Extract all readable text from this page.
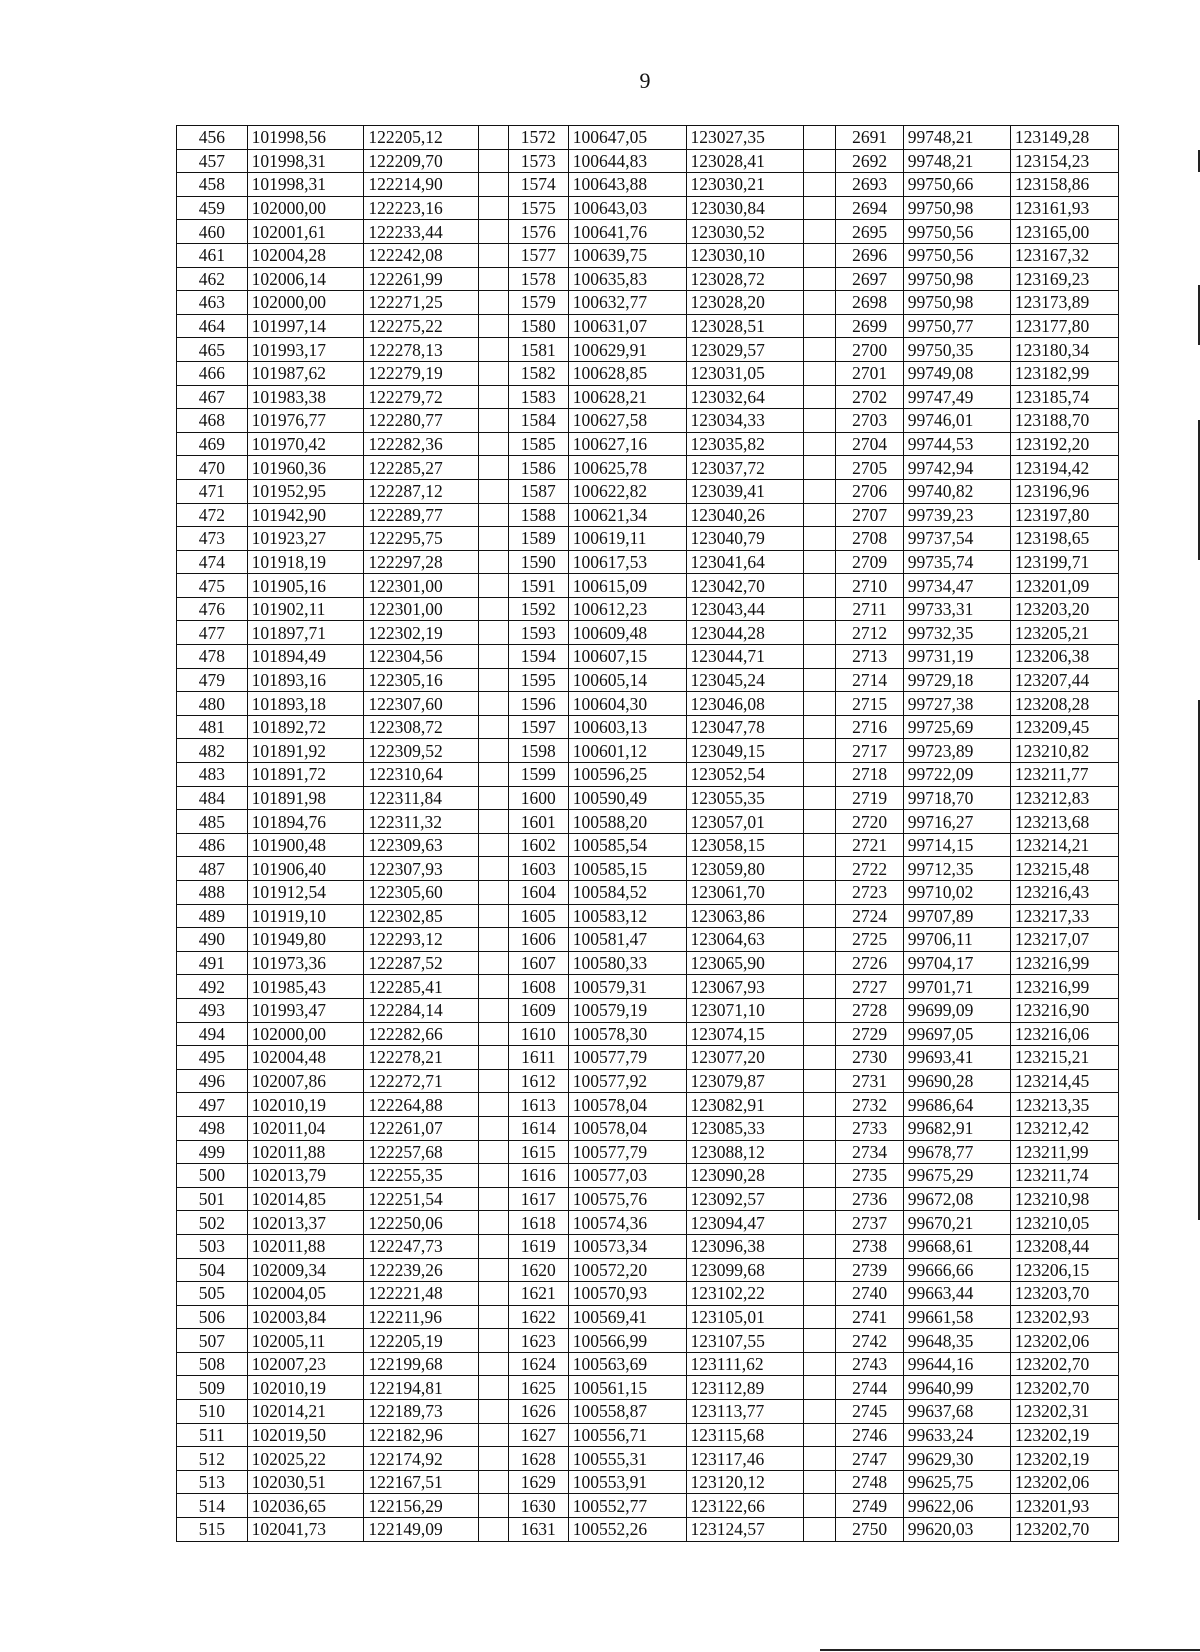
9
456	101998,56	122205,12		1572	100647,05	123027,35		2691	99748,21	123149,28
457	101998,31	122209,70		1573	100644,83	123028,41		2692	99748,21	123154,23
458	101998,31	122214,90		1574	100643,88	123030,21		2693	99750,66	123158,86
459	102000,00	122223,16		1575	100643,03	123030,84		2694	99750,98	123161,93
460	102001,61	122233,44		1576	100641,76	123030,52		2695	99750,56	123165,00
461	102004,28	122242,08		1577	100639,75	123030,10		2696	99750,56	123167,32
462	102006,14	122261,99		1578	100635,83	123028,72		2697	99750,98	123169,23
463	102000,00	122271,25		1579	100632,77	123028,20		2698	99750,98	123173,89
464	101997,14	122275,22		1580	100631,07	123028,51		2699	99750,77	123177,80
465	101993,17	122278,13		1581	100629,91	123029,57		2700	99750,35	123180,34
466	101987,62	122279,19		1582	100628,85	123031,05		2701	99749,08	123182,99
467	101983,38	122279,72		1583	100628,21	123032,64		2702	99747,49	123185,74
468	101976,77	122280,77		1584	100627,58	123034,33		2703	99746,01	123188,70
469	101970,42	122282,36		1585	100627,16	123035,82		2704	99744,53	123192,20
470	101960,36	122285,27		1586	100625,78	123037,72		2705	99742,94	123194,42
471	101952,95	122287,12		1587	100622,82	123039,41		2706	99740,82	123196,96
472	101942,90	122289,77		1588	100621,34	123040,26		2707	99739,23	123197,80
473	101923,27	122295,75		1589	100619,11	123040,79		2708	99737,54	123198,65
474	101918,19	122297,28		1590	100617,53	123041,64		2709	99735,74	123199,71
475	101905,16	122301,00		1591	100615,09	123042,70		2710	99734,47	123201,09
476	101902,11	122301,00		1592	100612,23	123043,44		2711	99733,31	123203,20
477	101897,71	122302,19		1593	100609,48	123044,28		2712	99732,35	123205,21
478	101894,49	122304,56		1594	100607,15	123044,71		2713	99731,19	123206,38
479	101893,16	122305,16		1595	100605,14	123045,24		2714	99729,18	123207,44
480	101893,18	122307,60		1596	100604,30	123046,08		2715	99727,38	123208,28
481	101892,72	122308,72		1597	100603,13	123047,78		2716	99725,69	123209,45
482	101891,92	122309,52		1598	100601,12	123049,15		2717	99723,89	123210,82
483	101891,72	122310,64		1599	100596,25	123052,54		2718	99722,09	123211,77
484	101891,98	122311,84		1600	100590,49	123055,35		2719	99718,70	123212,83
485	101894,76	122311,32		1601	100588,20	123057,01		2720	99716,27	123213,68
486	101900,48	122309,63		1602	100585,54	123058,15		2721	99714,15	123214,21
487	101906,40	122307,93		1603	100585,15	123059,80		2722	99712,35	123215,48
488	101912,54	122305,60		1604	100584,52	123061,70		2723	99710,02	123216,43
489	101919,10	122302,85		1605	100583,12	123063,86		2724	99707,89	123217,33
490	101949,80	122293,12		1606	100581,47	123064,63		2725	99706,11	123217,07
491	101973,36	122287,52		1607	100580,33	123065,90		2726	99704,17	123216,99
492	101985,43	122285,41		1608	100579,31	123067,93		2727	99701,71	123216,99
493	101993,47	122284,14		1609	100579,19	123071,10		2728	99699,09	123216,90
494	102000,00	122282,66		1610	100578,30	123074,15		2729	99697,05	123216,06
495	102004,48	122278,21		1611	100577,79	123077,20		2730	99693,41	123215,21
496	102007,86	122272,71		1612	100577,92	123079,87		2731	99690,28	123214,45
497	102010,19	122264,88		1613	100578,04	123082,91		2732	99686,64	123213,35
498	102011,04	122261,07		1614	100578,04	123085,33		2733	99682,91	123212,42
499	102011,88	122257,68		1615	100577,79	123088,12		2734	99678,77	123211,99
500	102013,79	122255,35		1616	100577,03	123090,28		2735	99675,29	123211,74
501	102014,85	122251,54		1617	100575,76	123092,57		2736	99672,08	123210,98
502	102013,37	122250,06		1618	100574,36	123094,47		2737	99670,21	123210,05
503	102011,88	122247,73		1619	100573,34	123096,38		2738	99668,61	123208,44
504	102009,34	122239,26		1620	100572,20	123099,68		2739	99666,66	123206,15
505	102004,05	122221,48		1621	100570,93	123102,22		2740	99663,44	123203,70
506	102003,84	122211,96		1622	100569,41	123105,01		2741	99661,58	123202,93
507	102005,11	122205,19		1623	100566,99	123107,55		2742	99648,35	123202,06
508	102007,23	122199,68		1624	100563,69	123111,62		2743	99644,16	123202,70
509	102010,19	122194,81		1625	100561,15	123112,89		2744	99640,99	123202,70
510	102014,21	122189,73		1626	100558,87	123113,77		2745	99637,68	123202,31
511	102019,50	122182,96		1627	100556,71	123115,68		2746	99633,24	123202,19
512	102025,22	122174,92		1628	100555,31	123117,46		2747	99629,30	123202,19
513	102030,51	122167,51		1629	100553,91	123120,12		2748	99625,75	123202,06
514	102036,65	122156,29		1630	100552,77	123122,66		2749	99622,06	123201,93
515	102041,73	122149,09		1631	100552,26	123124,57		2750	99620,03	123202,70
